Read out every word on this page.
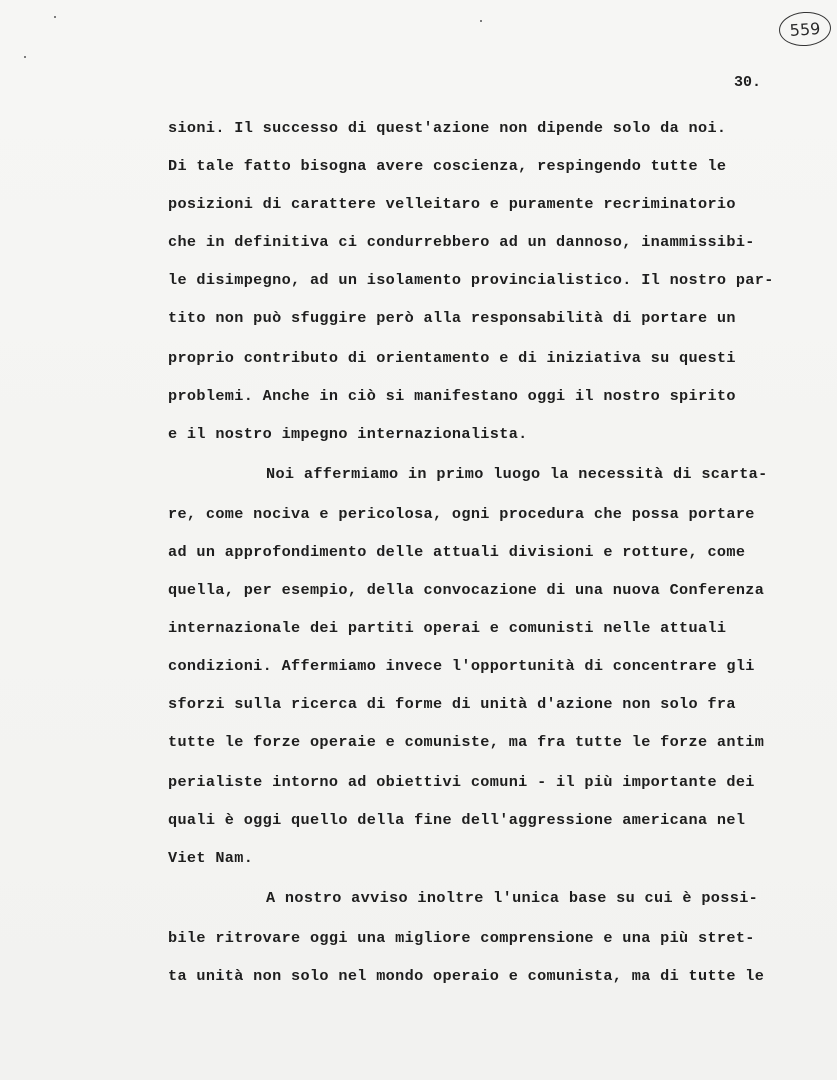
559
30.
sioni. Il successo di quest'azione non dipende solo da noi.
Di tale fatto bisogna avere coscienza, respingendo tutte le
posizioni di carattere velleitaro e puramente recriminatorio
che in definitiva ci condurrebbero ad un dannoso, inammissibi-
le disimpegno, ad un isolamento provincialistico. Il nostro par-
tito non può sfuggire però alla responsabilità di portare un
proprio contributo di orientamento e di iniziativa su questi
problemi. Anche in ciò si manifestano oggi il nostro spirito
e il nostro impegno internazionalista.
Noi affermiamo in primo luogo la necessità di scarta-
re, come nociva e pericolosa, ogni procedura che possa portare
ad un approfondimento delle attuali divisioni e rotture, come
quella, per esempio, della convocazione di una nuova Conferenza
internazionale dei partiti operai e comunisti nelle attuali
condizioni. Affermiamo invece l'opportunità di concentrare gli
sforzi sulla ricerca di forme di unità d'azione non solo fra
tutte le forze operaie e comuniste, ma fra tutte le forze antim
perialiste intorno ad obiettivi comuni - il più importante dei
quali è oggi quello della fine dell'aggressione americana nel
Viet Nam.
A nostro avviso inoltre l'unica base su cui è possi-
bile ritrovare oggi una migliore comprensione e una più stret-
ta unità non solo nel mondo operaio e comunista, ma di tutte le
